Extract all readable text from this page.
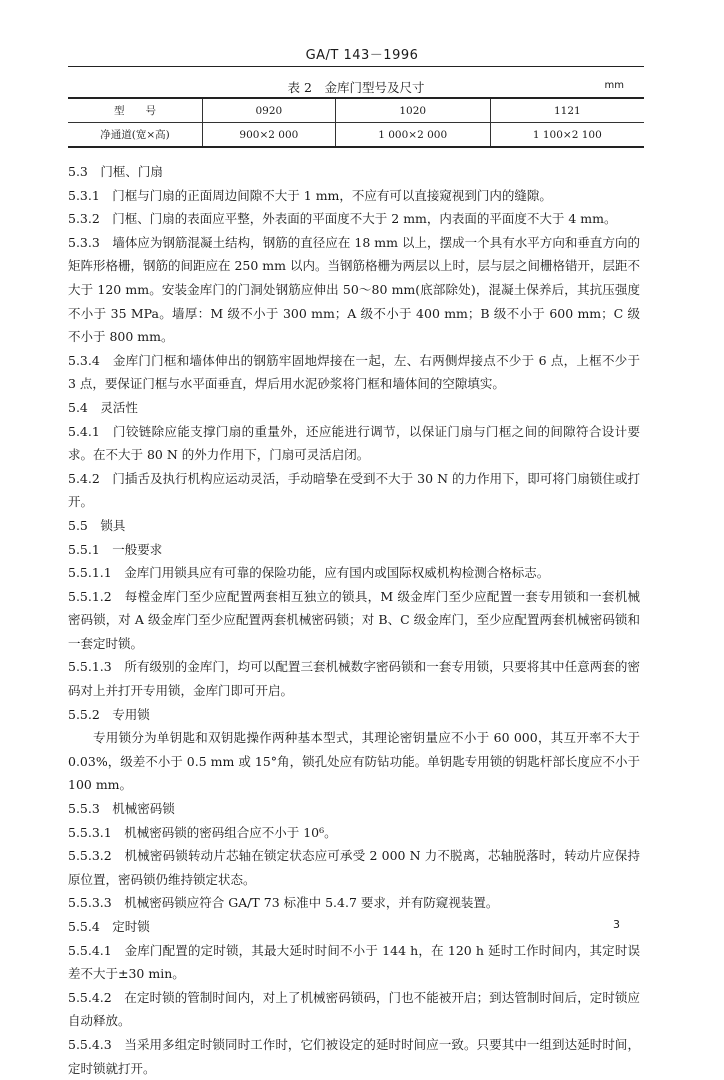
GA/T 143－1996
表 2　金库门型号及尺寸	mm
型　　号	0920	1020	1121
净通道(宽×高)	900×2 000	1 000×2 000	1 100×2 100

5.3　门框、门扇

5.3.1　门框与门扇的正面周边间隙不大于 1 mm，不应有可以直接窥视到门内的缝隙。

5.3.2　门框、门扇的表面应平整，外表面的平面度不大于 2 mm，内表面的平面度不大于 4 mm。

5.3.3　墙体应为钢筋混凝土结构，钢筋的直径应在 18 mm 以上，摆成一个具有水平方向和垂直方向的矩阵形格栅，钢筋的间距应在 250 mm 以内。当钢筋格栅为两层以上时，层与层之间栅格错开，层距不大于 120 mm。安装金库门的门洞处钢筋应伸出 50～80 mm(底部除处)，混凝土保养后，其抗压强度不小于 35 MPa。墙厚：M 级不小于 300 mm；A 级不小于 400 mm；B 级不小于 600 mm；C 级不小于 800 mm。

5.3.4　金库门门框和墙体伸出的钢筋牢固地焊接在一起，左、右两侧焊接点不少于 6 点，上框不少于 3 点，要保证门框与水平面垂直，焊后用水泥砂浆将门框和墙体间的空隙填实。

5.4　灵活性

5.4.1　门铰链除应能支撑门扇的重量外，还应能进行调节，以保证门扇与门框之间的间隙符合设计要求。在不大于 80 N 的外力作用下，门扇可灵活启闭。

5.4.2　门插舌及执行机构应运动灵活，手动暗挚在受到不大于 30 N 的力作用下，即可将门扇锁住或打开。

5.5　锁具

5.5.1　一般要求

5.5.1.1　金库门用锁具应有可靠的保险功能，应有国内或国际权威机构检测合格标志。

5.5.1.2　每樘金库门至少应配置两套相互独立的锁具，M 级金库门至少应配置一套专用锁和一套机械密码锁，对 A 级金库门至少应配置两套机械密码锁；对 B、C 级金库门，至少应配置两套机械密码锁和一套定时锁。

5.5.1.3　所有级别的金库门，均可以配置三套机械数字密码锁和一套专用锁，只要将其中任意两套的密码对上并打开专用锁，金库门即可开启。

5.5.2　专用锁

专用锁分为单钥匙和双钥匙操作两种基本型式，其理论密钥量应不小于 60 000，其互开率不大于 0.03%，级差不小于 0.5 mm 或 15°角，锁孔处应有防钻功能。单钥匙专用锁的钥匙杆部长度应不小于 100 mm。

5.5.3　机械密码锁

5.5.3.1　机械密码锁的密码组合应不小于 10⁶。

5.5.3.2　机械密码锁转动片芯轴在锁定状态应可承受 2 000 N 力不脱离，芯轴脱落时，转动片应保持原位置，密码锁仍维持锁定状态。

5.5.3.3　机械密码锁应符合 GA/T 73 标准中 5.4.7 要求，并有防窥视装置。

5.5.4　定时锁

5.5.4.1　金库门配置的定时锁，其最大延时时间不小于 144 h，在 120 h 延时工作时间内，其定时误差不大于±30 min。

5.5.4.2　在定时锁的管制时间内，对上了机械密码锁码，门也不能被开启；到达管制时间后，定时锁应自动释放。

5.5.4.3　当采用多组定时锁同时工作时，它们被设定的延时时间应一致。只要其中一组到达延时时间，定时锁就打开。

3
